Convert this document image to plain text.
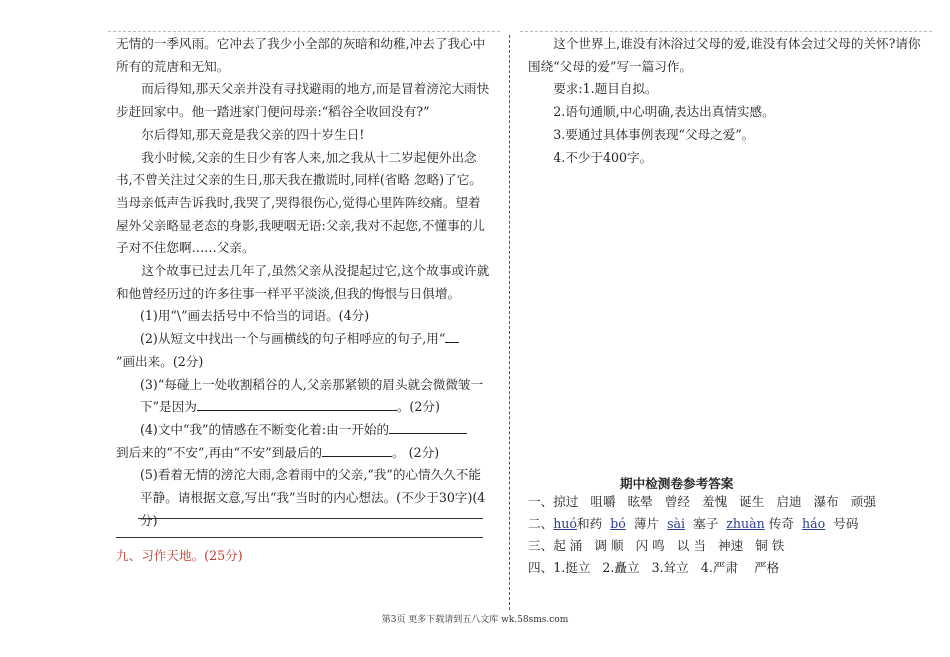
无情的一季风雨。它冲去了我少小全部的灰暗和幼稚,冲去了我心中所有的荒唐和无知。

而后得知,那天父亲并没有寻找避雨的地方,而是冒着滂沱大雨快步赶回家中。他一踏进家门便问母亲:“稻谷全收回没有?”

尔后得知,那天竟是我父亲的四十岁生日!

我小时候,父亲的生日少有客人来,加之我从十二岁起便外出念书,不曾关注过父亲的生日,那天我在撒谎时,同样(省略 忽略)了它。当母亲低声告诉我时,我哭了,哭得很伤心,觉得心里阵阵绞痛。望着屋外父亲略显老态的身影,我哽咽无语:父亲,我对不起您,不懂事的儿子对不住您啊……父亲。

这个故事已过去几年了,虽然父亲从没提起过它,这个故事或许就和他曾经历过的许多往事一样平平淡淡,但我的悔恨与日俱增。

(1)用“\”画去括号中不恰当的词语。(4分)

(2)从短文中找出一个与画横线的句子相呼应的句子,用“

”画出来。(2分)

(3)“每碰上一处收割稻谷的人,父亲那紧锁的眉头就会微微皱一下”是因为	。(2分)

(4)文中“我”的情感在不断变化着:由一开始的

到后来的“不安”,再由“不安”到最后的	。 (2分)

(5)看着无情的滂沱大雨,念着雨中的父亲,“我”的心情久久不能平静。请根据文意,写出“我”当时的内心想法。(不少于30字)(4分)

九、习作天地。(25分)

这个世界上,谁没有沐浴过父母的爱,谁没有体会过父母的关怀?请你围绕“父母的爱”写一篇习作。

要求:1.题目自拟。

2.语句通顺,中心明确,表达出真情实感。

3.要通过具体事例表现“父母之爱”。

4.不少于400字。

期中检测卷参考答案

一、掠过   咀嚼   眩晕   曾经   羞愧   诞生   启迪   瀑布   顽强

二、huó和药 bó 薄片 sài 塞子 zhuàn 传奇 háo 号码

三、起 涌   调 顺   闪 鸣   以 当   神速   铜 铁

四、1.挺立   2.矗立   3.耸立   4.严肃    严格

第3页 更多下载请到五八文库 wk.58sms.com
